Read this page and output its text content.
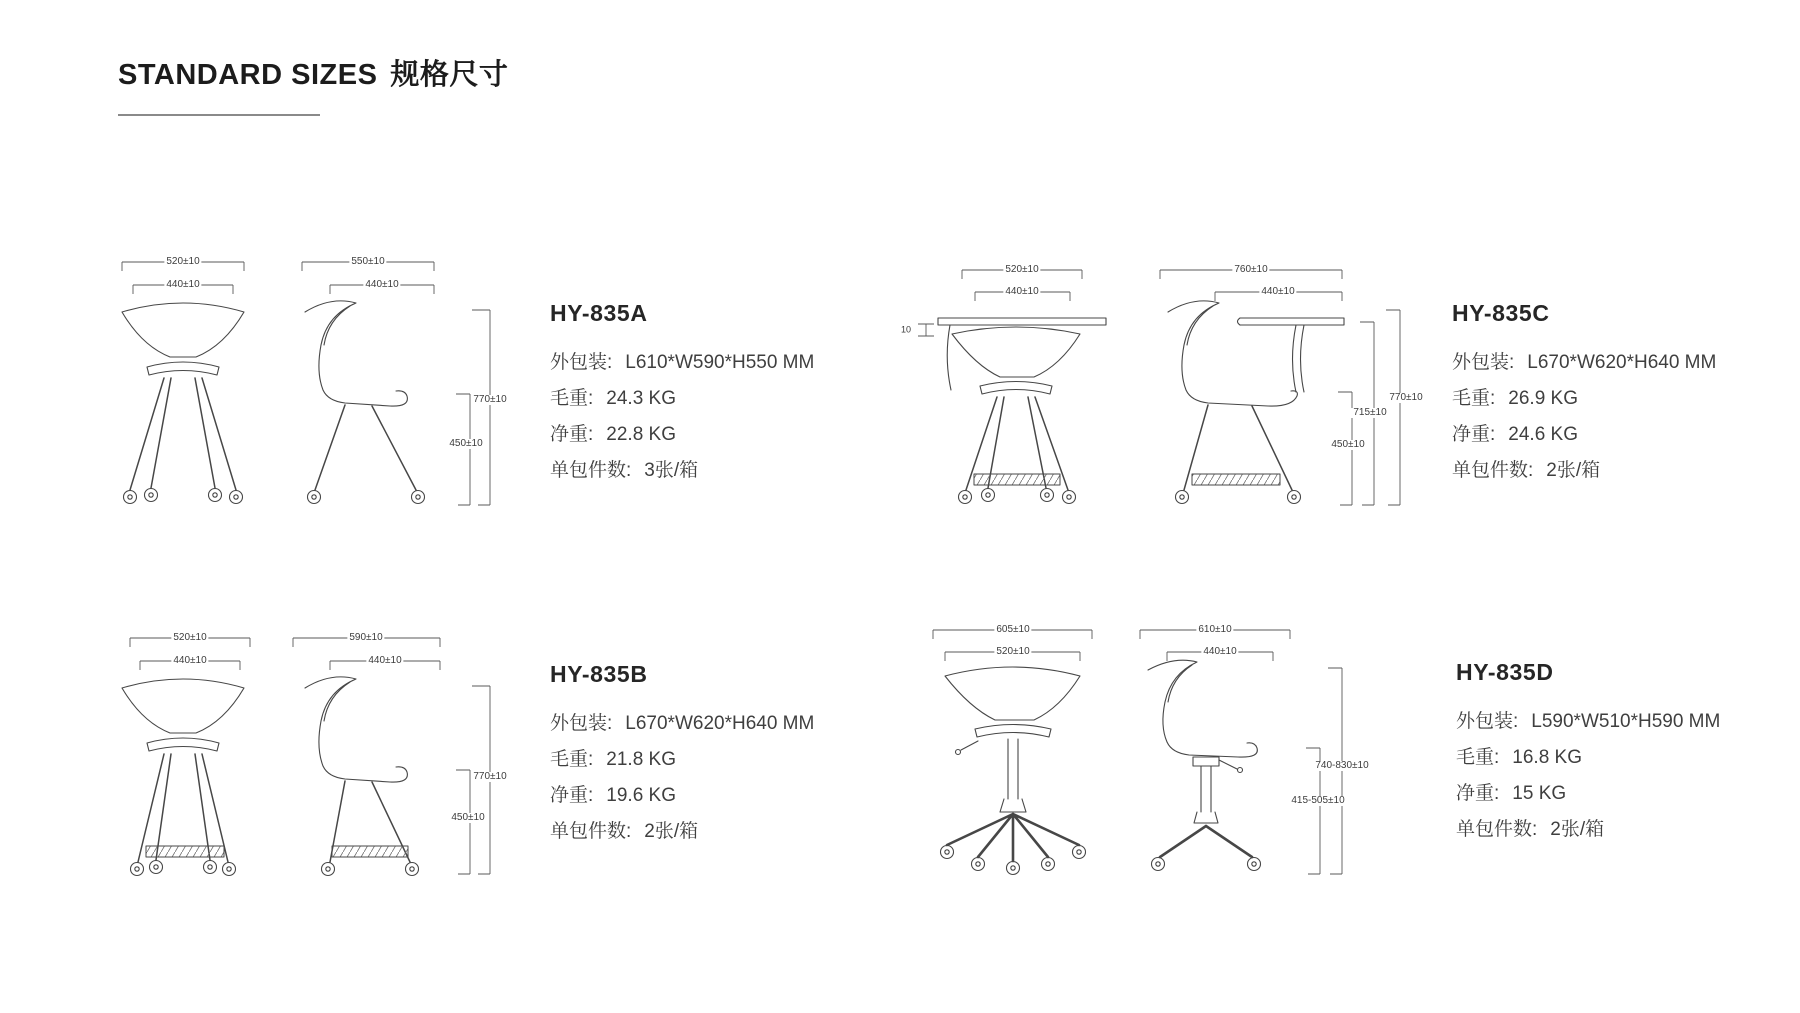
STANDARD SIZES 规格尺寸
520±10
440±10
550±10
440±10
770±10
450±10
520±10
440±10
590±10
440±10
770±10
450±10
520±10
440±10
10
760±10
440±10
770±10
715±10
450±10
605±10
520±10
610±10
440±10
740-830±10
415-505±10
HY-835A
外包装: L610*W590*H550 MM
毛重: 24.3 KG
净重: 22.8 KG
单包件数: 3张/箱
HY-835C
外包装: L670*W620*H640 MM
毛重: 26.9 KG
净重: 24.6 KG
单包件数: 2张/箱
HY-835B
外包装: L670*W620*H640 MM
毛重: 21.8 KG
净重: 19.6 KG
单包件数: 2张/箱
HY-835D
外包装: L590*W510*H590 MM
毛重: 16.8 KG
净重: 15 KG
单包件数: 2张/箱
